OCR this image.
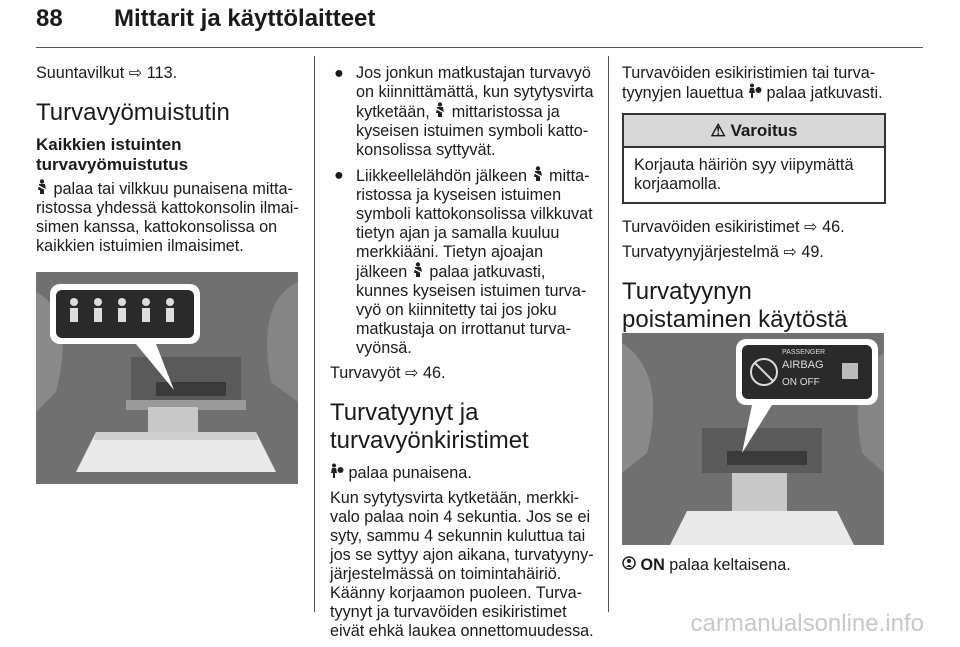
88 Mittarit ja käyttölaitteet

Suuntavilkut ⇨ 113.

Turvavyömuistutin
Kaikkien istuinten
turvavyömuistutus

palaa tai vilkkuu punaisena mitta-ristossa yhdessä kattokonsolin ilmai-simen kanssa, kattokonsolissa on kaikkien istuimien ilmaisimet.

● Jos jonkun matkustajan turvavyö on kiinnittämättä, kun sytytysvirta kytketään, mittaristossa ja kyseisen istuimen symboli katto-konsolissa syttyvät.
● Liikkeellelähdön jälkeen mitta-ristossa ja kyseisen istuimen symboli kattokonsolissa vilkkuvat tietyn ajan ja samalla kuuluu merkkiääni. Tietyn ajoajan jälkeen palaa jatkuvasti, kunnes kyseisen istuimen turva-vyö on kiinnitetty tai jos joku matkustaja on irrottanut turva-vyönsä.

Turvavyöt ⇨ 46.

Turvatyynyt ja turvavyönkiristimet

palaa punaisena.

Kun sytytysvirta kytketään, merkki-valo palaa noin 4 sekuntia. Jos se ei syty, sammu 4 sekunnin kuluttua tai jos se syttyy ajon aikana, turvatyyny-järjestelmässä on toimintahäiriö. Käänny korjaamon puoleen. Turva-tyynyt ja turvavöiden esikiristimet eivät ehkä laukea onnettomuudessa.

Turvavöiden esikiristimien tai turva-tyynyjen lauettua palaa jatkuvasti.

⚠ Varoitus
Korjauta häiriön syy viipymättä korjaamolla.

Turvavöiden esikiristimet ⇨ 46.

Turvatyynyjärjestelmä ⇨ 49.

Turvatyynyn poistaminen käytöstä
PASSENGER
AIRBAG
ON OFF

ON palaa keltaisena.

carmanualsonline.info
